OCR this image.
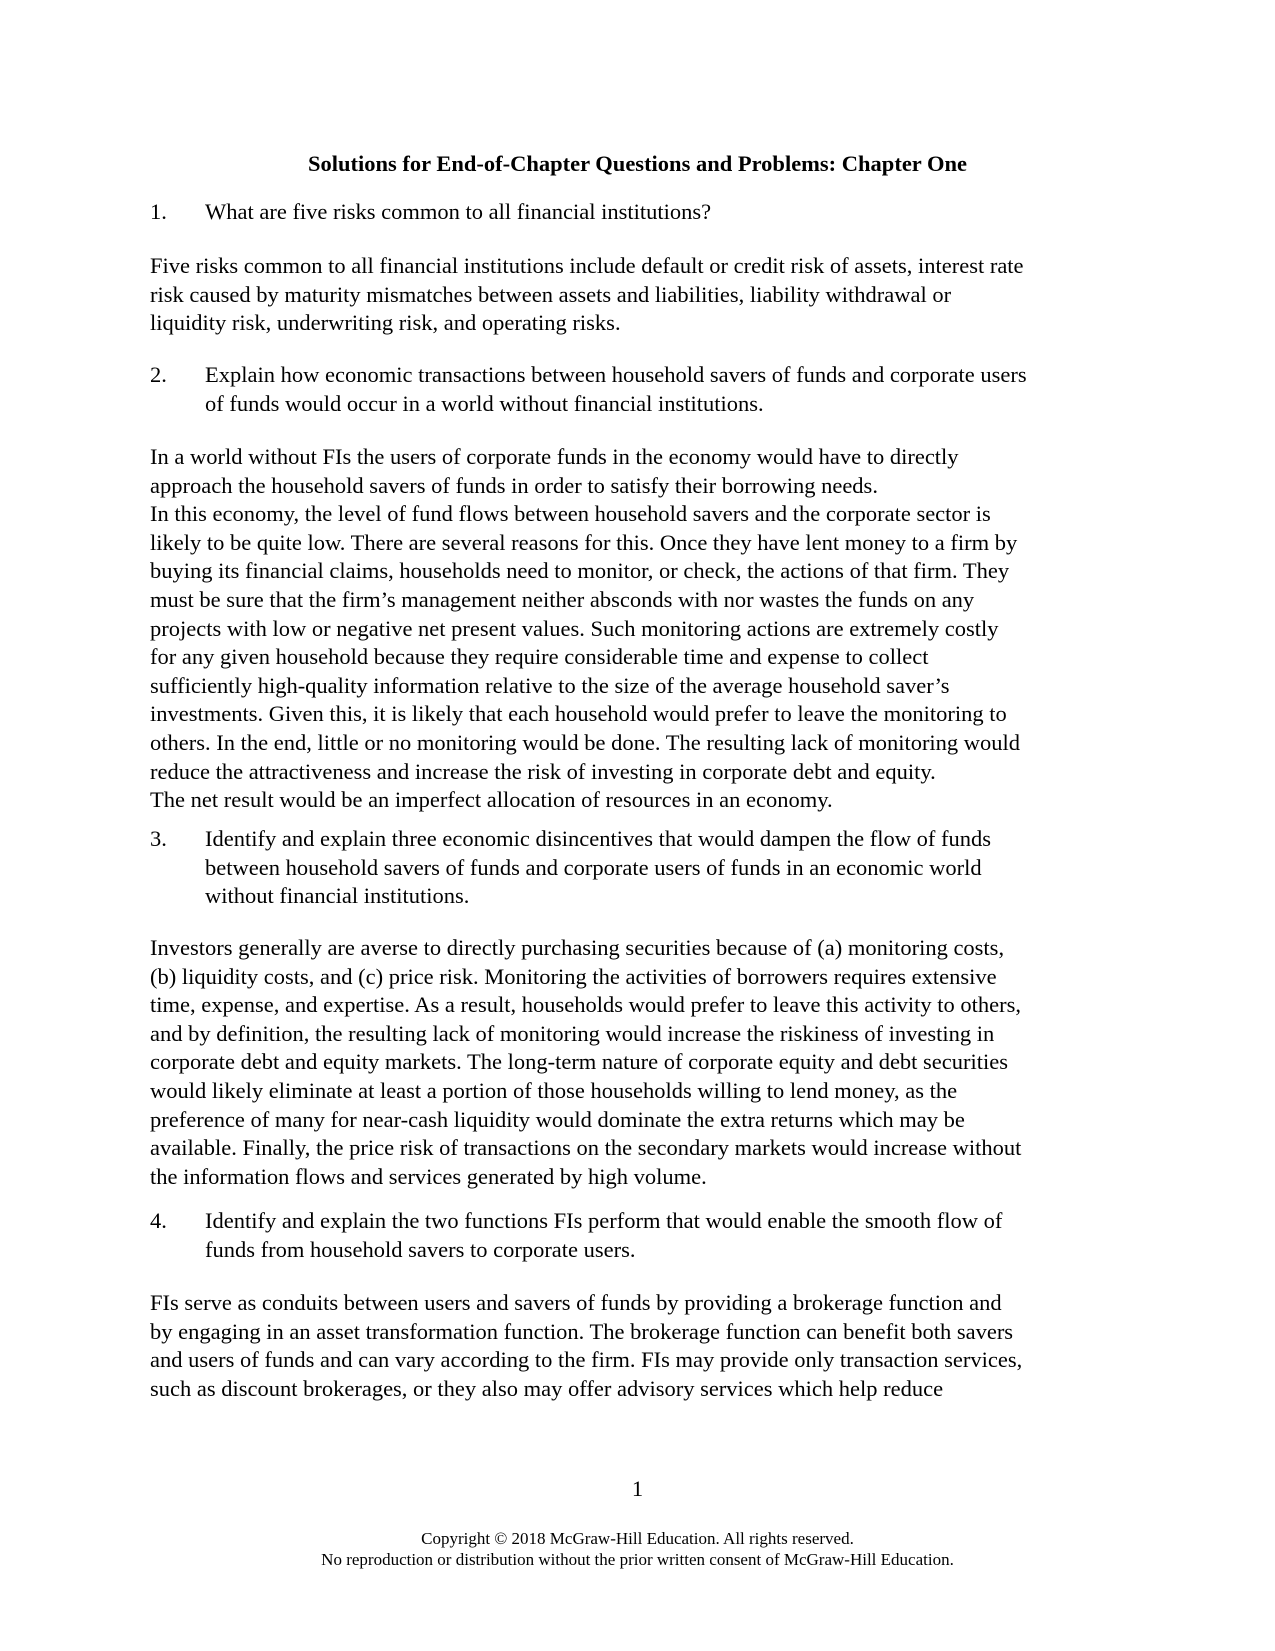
Solutions for End-of-Chapter Questions and Problems: Chapter One
1. What are five risks common to all financial institutions?
Five risks common to all financial institutions include default or credit risk of assets, interest rate
risk caused by maturity mismatches between assets and liabilities, liability withdrawal or
liquidity risk, underwriting risk, and operating risks.
2. Explain how economic transactions between household savers of funds and corporate users
of funds would occur in a world without financial institutions.
In a world without FIs the users of corporate funds in the economy would have to directly
approach the household savers of funds in order to satisfy their borrowing needs.
In this economy, the level of fund flows between household savers and the corporate sector is
likely to be quite low. There are several reasons for this. Once they have lent money to a firm by
buying its financial claims, households need to monitor, or check, the actions of that firm. They
must be sure that the firm’s management neither absconds with nor wastes the funds on any
projects with low or negative net present values. Such monitoring actions are extremely costly
for any given household because they require considerable time and expense to collect
sufficiently high-quality information relative to the size of the average household saver’s
investments. Given this, it is likely that each household would prefer to leave the monitoring to
others. In the end, little or no monitoring would be done. The resulting lack of monitoring would
reduce the attractiveness and increase the risk of investing in corporate debt and equity.
The net result would be an imperfect allocation of resources in an economy.
3. Identify and explain three economic disincentives that would dampen the flow of funds
between household savers of funds and corporate users of funds in an economic world
without financial institutions.
Investors generally are averse to directly purchasing securities because of (a) monitoring costs,
(b) liquidity costs, and (c) price risk. Monitoring the activities of borrowers requires extensive
time, expense, and expertise. As a result, households would prefer to leave this activity to others,
and by definition, the resulting lack of monitoring would increase the riskiness of investing in
corporate debt and equity markets. The long-term nature of corporate equity and debt securities
would likely eliminate at least a portion of those households willing to lend money, as the
preference of many for near-cash liquidity would dominate the extra returns which may be
available. Finally, the price risk of transactions on the secondary markets would increase without
the information flows and services generated by high volume.
4. Identify and explain the two functions FIs perform that would enable the smooth flow of
funds from household savers to corporate users.
FIs serve as conduits between users and savers of funds by providing a brokerage function and
by engaging in an asset transformation function. The brokerage function can benefit both savers
and users of funds and can vary according to the firm. FIs may provide only transaction services,
such as discount brokerages, or they also may offer advisory services which help reduce
1
Copyright © 2018 McGraw-Hill Education. All rights reserved.
No reproduction or distribution without the prior written consent of McGraw-Hill Education.
